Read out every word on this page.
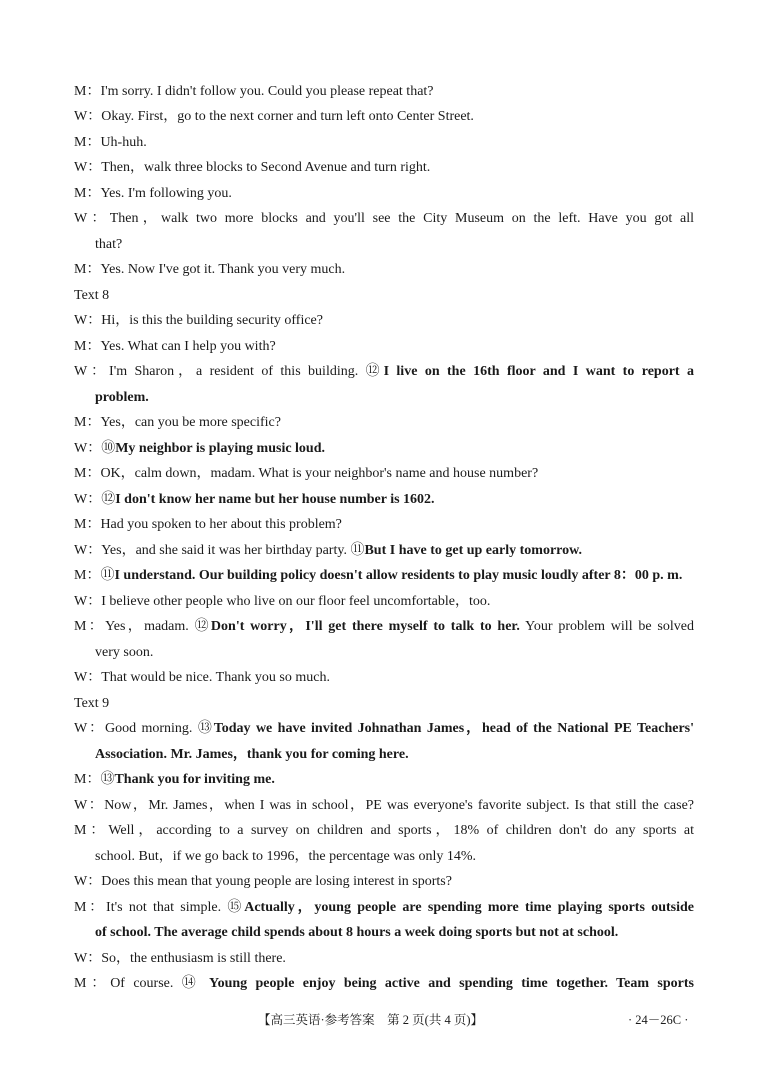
M：I'm sorry. I didn't follow you. Could you please repeat that?
W：Okay. First，go to the next corner and turn left onto Center Street.
M：Uh-huh.
W：Then，walk three blocks to Second Avenue and turn right.
M：Yes. I'm following you.
W：Then，walk two more blocks and you'll see the City Museum on the left. Have you got all
that?
M：Yes. Now I've got it. Thank you very much.
Text 8
W：Hi，is this the building security office?
M：Yes. What can I help you with?
W：I'm Sharon，a resident of this building. ⑫I live on the 16th floor and I want to report a
problem.
M：Yes，can you be more specific?
W：⑩My neighbor is playing music loud.
M：OK，calm down，madam. What is your neighbor's name and house number?
W：⑫I don't know her name but her house number is 1602.
M：Had you spoken to her about this problem?
W：Yes，and she said it was her birthday party. ⑪But I have to get up early tomorrow.
M：⑪I understand. Our building policy doesn't allow residents to play music loudly after 8：00 p. m.
W：I believe other people who live on our floor feel uncomfortable，too.
M：Yes，madam. ⑫Don't worry，I'll get there myself to talk to her. Your problem will be solved
very soon.
W：That would be nice. Thank you so much.
Text 9
W：Good morning. ⑬Today we have invited Johnathan James，head of the National PE Teachers'
Association. Mr. James，thank you for coming here.
M：⑬Thank you for inviting me.
W：Now，Mr. James，when I was in school，PE was everyone's favorite subject. Is that still the case?
M：Well，according to a survey on children and sports，18% of children don't do any sports at
school. But，if we go back to 1996，the percentage was only 14%.
W：Does this mean that young people are losing interest in sports?
M：It's not that simple. ⑮Actually，young people are spending more time playing sports outside
of school. The average child spends about 8 hours a week doing sports but not at school.
W：So，the enthusiasm is still there.
M：Of course. ⑭ Young people enjoy being active and spending time together. Team sports
【高三英语·参考答案　第 2 页(共 4 页)】	· 24－26C ·
